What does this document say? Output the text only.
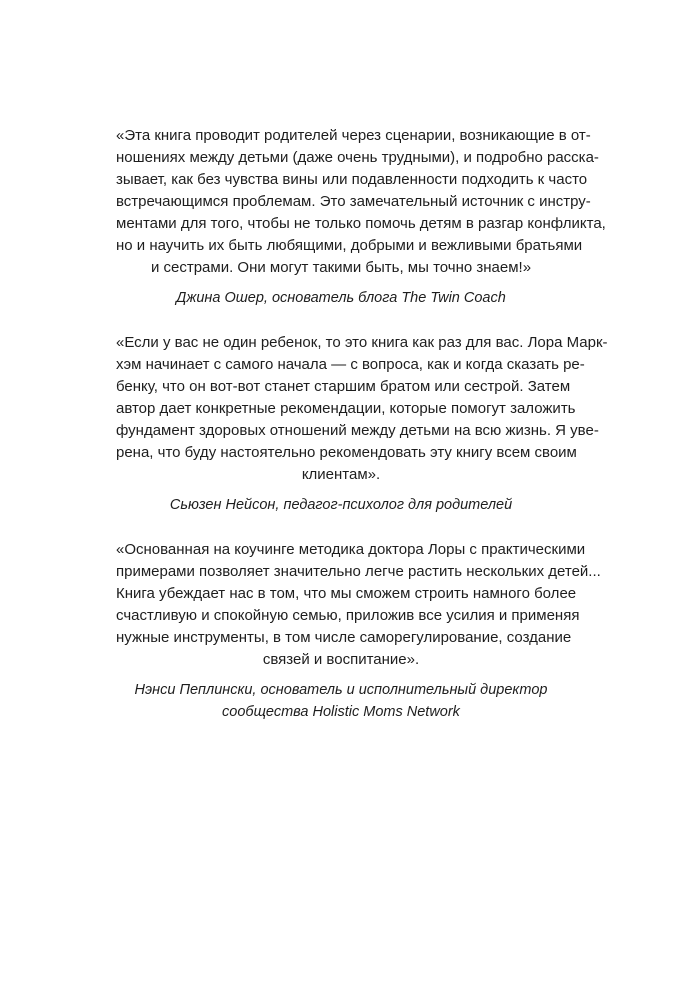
«Эта книга проводит родителей через сценарии, возникающие в от-
ношениях между детьми (даже очень трудными), и подробно расска-
зывает, как без чувства вины или подавленности подходить к часто
встречающимся проблемам. Это замечательный источник с инстру-
ментами для того, чтобы не только помочь детям в разгар конфликта,
но и научить их быть любящими, добрыми и вежливыми братьями
и сестрами. Они могут такими быть, мы точно знаем!»
Джина Ошер, основатель блога The Twin Coach
«Если у вас не один ребенок, то это книга как раз для вас. Лора Марк-
хэм начинает с самого начала — с вопроса, как и когда сказать ре-
бенку, что он вот-вот станет старшим братом или сестрой. Затем
автор дает конкретные рекомендации, которые помогут заложить
фундамент здоровых отношений между детьми на всю жизнь. Я уве-
рена, что буду настоятельно рекомендовать эту книгу всем своим
клиентам».
Сьюзен Нейсон, педагог-психолог для родителей
«Основанная на коучинге методика доктора Лоры с практическими
примерами позволяет значительно легче растить нескольких детей...
Книга убеждает нас в том, что мы сможем строить намного более
счастливую и спокойную семью, приложив все усилия и применяя
нужные инструменты, в том числе саморегулирование, создание
связей и воспитание».
Нэнси Пеплински, основатель и исполнительный директор
сообщества Holistic Moms Network
